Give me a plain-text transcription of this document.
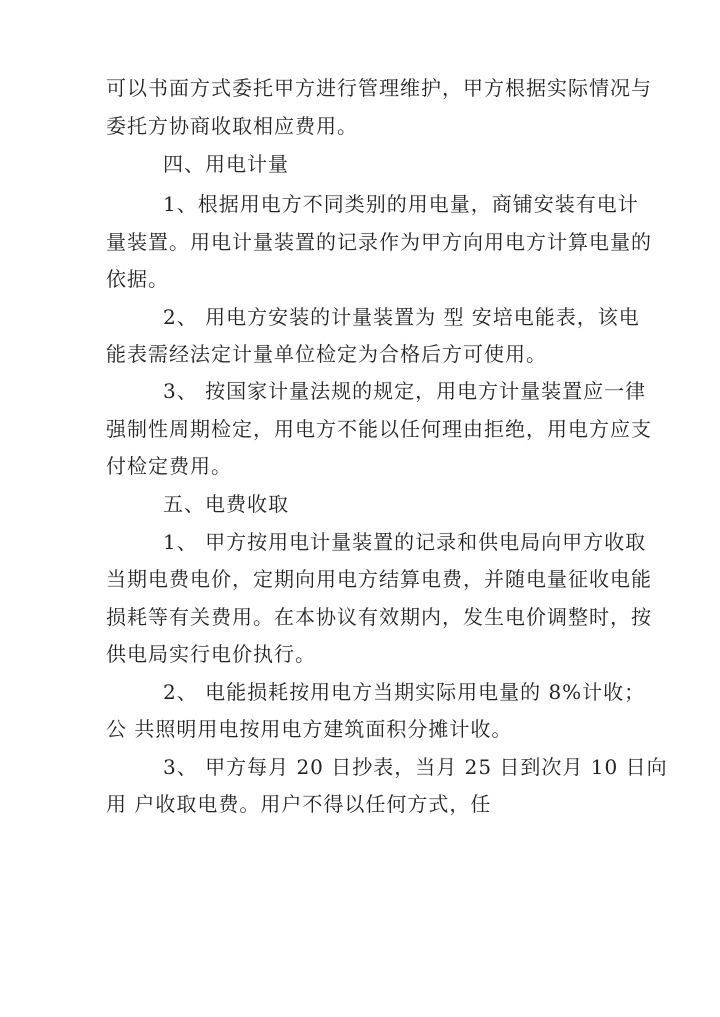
可以书面方式委托甲方进行管理维护，甲方根据实际情况与
委托方协商收取相应费用。
四、用电计量
1、根据用电方不同类别的用电量，商铺安装有电计
量装置。用电计量装置的记录作为甲方向用电方计算电量的
依据。
2、 用电方安装的计量装置为 型 安培电能表，该电
能表需经法定计量单位检定为合格后方可使用。
3、 按国家计量法规的规定，用电方计量装置应一律
强制性周期检定，用电方不能以任何理由拒绝，用电方应支
付检定费用。
五、电费收取
1、 甲方按用电计量装置的记录和供电局向甲方收取
当期电费电价，定期向用电方结算电费，并随电量征收电能
损耗等有关费用。在本协议有效期内，发生电价调整时，按
供电局实行电价执行。
2、 电能损耗按用电方当期实际用电量的 8%计收；
公 共照明用电按用电方建筑面积分摊计收。
3、 甲方每月 20 日抄表，当月 25 日到次月 10 日向
用 户收取电费。用户不得以任何方式，任
